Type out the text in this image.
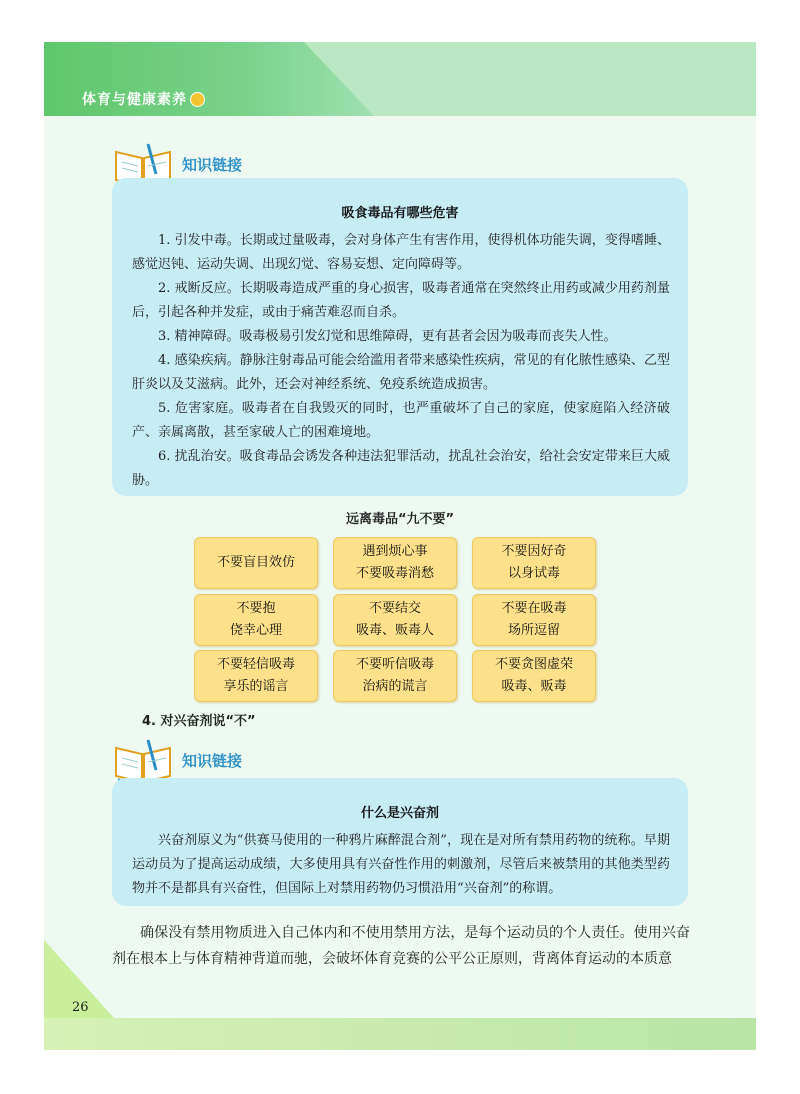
体育与健康素养
知识链接
吸食毒品有哪些危害

1. 引发中毒。长期或过量吸毒，会对身体产生有害作用，使得机体功能失调，变得嗜睡、感觉迟钝、运动失调、出现幻觉、容易妄想、定向障碍等。

2. 戒断反应。长期吸毒造成严重的身心损害，吸毒者通常在突然终止用药或减少用药剂量后，引起各种并发症，或由于痛苦难忍而自杀。

3. 精神障碍。吸毒极易引发幻觉和思维障碍，更有甚者会因为吸毒而丧失人性。

4. 感染疾病。静脉注射毒品可能会给滥用者带来感染性疾病，常见的有化脓性感染、乙型肝炎以及艾滋病。此外，还会对神经系统、免疫系统造成损害。

5. 危害家庭。吸毒者在自我毁灭的同时，也严重破坏了自己的家庭，使家庭陷入经济破产、亲属离散，甚至家破人亡的困难境地。

6. 扰乱治安。吸食毒品会诱发各种违法犯罪活动，扰乱社会治安，给社会安定带来巨大威胁。

远离毒品“九不要”
不要盲目效仿
遇到烦心事
不要吸毒消愁
不要因好奇
以身试毒
不要抱
侥幸心理
不要结交
吸毒、贩毒人
不要在吸毒
场所逗留
不要轻信吸毒
享乐的谣言
不要听信吸毒
治病的谎言
不要贪图虚荣
吸毒、贩毒
4. 对兴奋剂说“不”
知识链接
什么是兴奋剂

兴奋剂原义为“供赛马使用的一种鸦片麻醉混合剂”，现在是对所有禁用药物的统称。早期运动员为了提高运动成绩，大多使用具有兴奋性作用的刺激剂，尽管后来被禁用的其他类型药物并不是都具有兴奋性，但国际上对禁用药物仍习惯沿用“兴奋剂”的称谓。

确保没有禁用物质进入自己体内和不使用禁用方法，是每个运动员的个人责任。使用兴奋剂在根本上与体育精神背道而驰，会破坏体育竞赛的公平公正原则，背离体育运动的本质意

26
